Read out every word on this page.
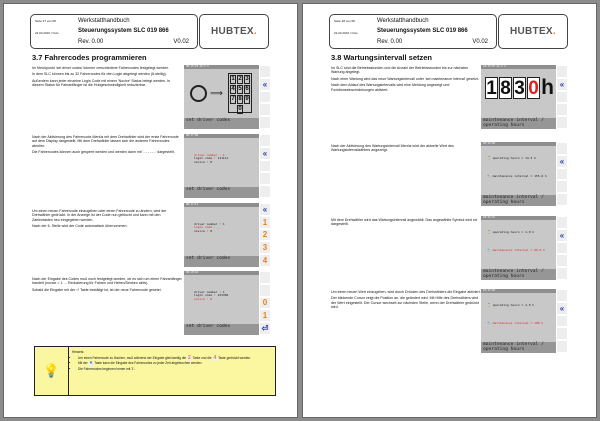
Seite 27 von 68
22.03.2016 / CHo
Werkstatthandbuch
Steuerungssystem SLC 019 866
Rev. 0.00	V0.02
HUBTEX .
3.7 Fahrercodes programmieren

Im Menüpunkt 'set driver codes' können verschiedene Fahrercodes festgelegt werden.

In dem SLC können bis zu 32 Fahrercodes für den Login abgelegt werden (6-stellig).

Außerdem kann jeder einzelne Login Code mit einem 'Novice' Status belegt werden. In diesem Status für Fahranfänger ist die Hubgeschwindigkeit reduzierbar.

Nach der Aktivierung des Fahrercode-Menüs mit dem Drehwähler wird der erste Fahrercode auf dem Display dargestellt. Mit dem Drehwähler lassen sich die anderen Fahrercodes abrufen.

Die Fahrercodes können auch gesperrt werden und werden dann mit '- - - - - -' dargestellt.

Um einen neuen Fahrercode einzugeben oder einen Fahrercode zu ändern, wird der Drehwähler gedrückt. In der Anzeige ist der Code nun gelöscht und kann mit den Zahlentasten neu eingegeben werden.

Nach der 6. Stelle wird der Code automatisch übernommen.

Nach der Eingabe des Codes muß noch festgelegt werden, ob es sich um einen Fahranfänger handelt (novice = 1 → Reduzierung für Fahren und Heben/Senken aktiv).

Sobald die Eingabe mit der ⏎ Taste bestätigt ist, ist der neue Fahrercode gesetzt.

09:15:23 24.5 V
⟹
1 2 3
4 5 6
7 8 9
0
set driver codes
«
09:17:09
driver number : 1
login code : 111111
novice : 0
set driver codes
«
09:17:11
driver number : 1
login code : _
novice : 0
set driver codes
«
1
2
3
4
09:18:18
driver number : 1
login code : 123456
novice : 0
set driver codes
0
1
⏎
💡
Hinweis:
• Um einen Fahrercode zu löschen, muß während der Eingabe gleichzeitig die 2 Taste und die 4 Taste gedrückt werden.
• Mit der « Taste kann die Eingabe des Fahrercodes zu jeder Zeit abgebrochen werden.
• Die Fahrercodes beginnen immer mit '1'.
Seite 28 von 68
22.03.2016 / CHo
Werkstatthandbuch
Steuerungssystem SLC 019 866
Rev. 0.00	V0.02
HUBTEX .
3.8 Wartungsintervall setzen

Im SLC sind die Betriebsstunden und die Anzahl der Betriebsstunden bis zur nächsten Wartung abgelegt.

Nach einer Wartung wird das neue Wartungsintervall unter 'set maintenance interval' gesetzt.

Nach dem Ablauf des Wartungsintervalls wird eine Meldung angezeigt und Funktionseinschränkungen aktiviert.

Nach der Aktivierung des Wartungsintervall Menüs wird der aktuelle Wert des Wartungsintervallzählers angezeigt.

Mit dem Drehwähler wird das Wartungsintervall angewählt. Das angewählte Symbol wird rot dargestellt.

Um einen neuen Wert einzugeben, wird durch Drücken des Drehwählers die Eingabe aktiviert.

Der blinkende Cursor zeigt die Position an, die geändert wird. Mit Hilfe des Drehwählers wird der Wert eingestellt. Der Cursor wechselt zur nächsten Stelle, wenn der Drehwähler gedrückt wird.

10:13:07 24.3 V
1 8 3 0 h
maintenance interval / operating hours
10:13:28
⌛ operating hours = 14.3 h
🔧 maintenance interval = 155.6 h
maintenance interval / operating hours
10:13:31
⌛ operating hours = 1.0 h
🔧 maintenance interval = 99.0 h
maintenance interval / operating hours
10:13:46
⌛ operating hours = 1.0 h
🔧 maintenance interval = 100 h
maintenance interval / operating hours
«
«
«
«
